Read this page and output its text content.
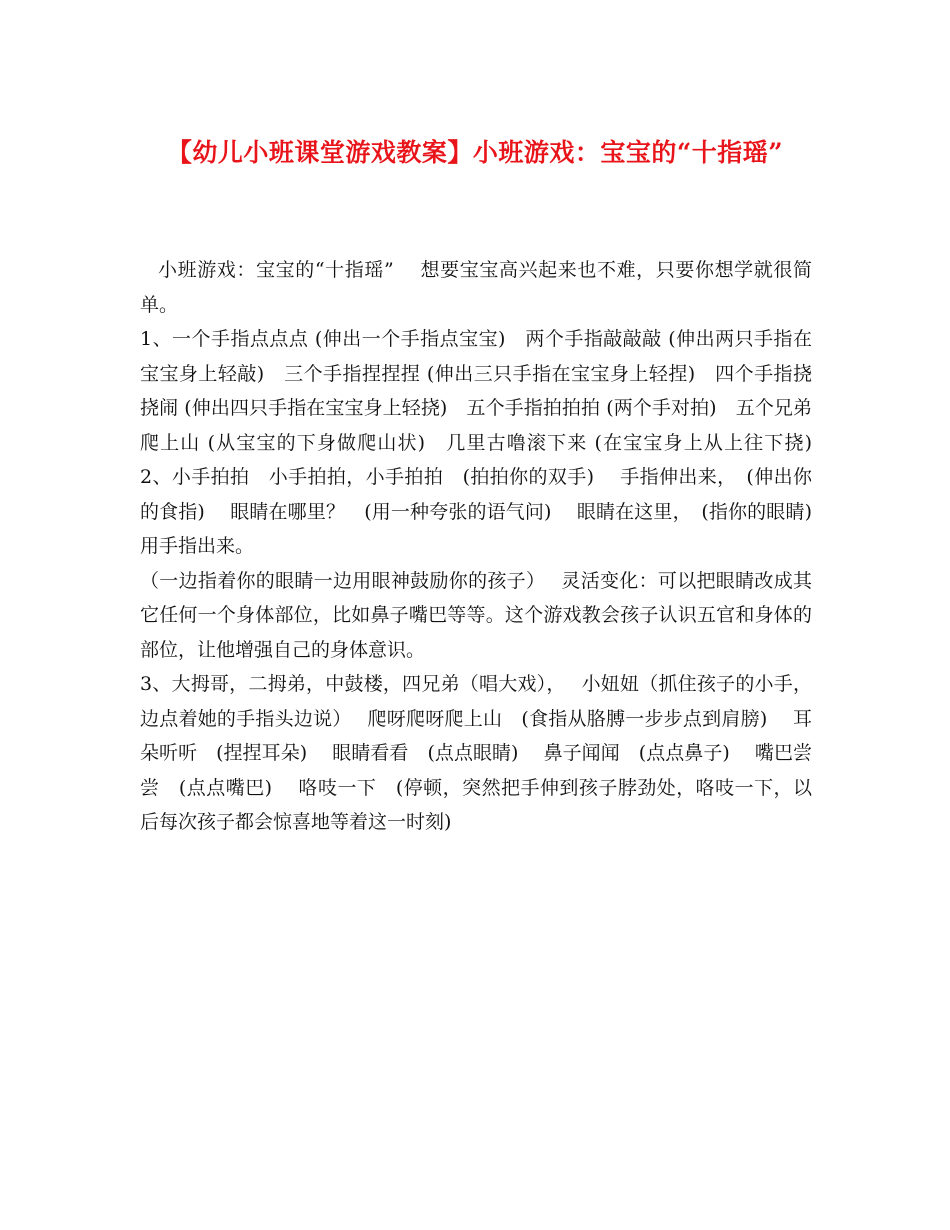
【幼儿小班课堂游戏教案】小班游戏：宝宝的“十指瑶”

小班游戏：宝宝的“十指瑶”　 想要宝宝高兴起来也不难，只要你想学就很简单。

1、一个手指点点点 (伸出一个手指点宝宝)　两个手指敲敲敲 (伸出两只手指在宝宝身上轻敲)　三个手指捏捏捏 (伸出三只手指在宝宝身上轻捏)　四个手指挠挠闹 (伸出四只手指在宝宝身上轻挠)　五个手指拍拍拍 (两个手对拍)　五个兄弟爬上山 (从宝宝的下身做爬山状)　几里古噜滚下来 (在宝宝身上从上往下挠)　2、小手拍拍　小手拍拍，小手拍拍　(拍拍你的双手)　 手指伸出来，　(伸出你的食指)　 眼睛在哪里？　(用一种夸张的语气问)　 眼睛在这里，　(指你的眼睛)　 用手指出来。

（一边指着你的眼睛一边用眼神鼓励你的孩子）　 灵活变化：可以把眼睛改成其它任何一个身体部位，比如鼻子嘴巴等等。这个游戏教会孩子认识五官和身体的部位，让他增强自己的身体意识。

3、大拇哥，二拇弟，中鼓楼，四兄弟（唱大戏），　 小妞妞（抓住孩子的小手，边点着她的手指头边说）　 爬呀爬呀爬上山　(食指从胳膊一步步点到肩膀)　 耳朵听听　(捏捏耳朵)　 眼睛看看　(点点眼睛)　 鼻子闻闻　(点点鼻子)　 嘴巴尝尝　(点点嘴巴)　 咯吱一下　(停顿，突然把手伸到孩子脖劲处，咯吱一下，以后每次孩子都会惊喜地等着这一时刻)
